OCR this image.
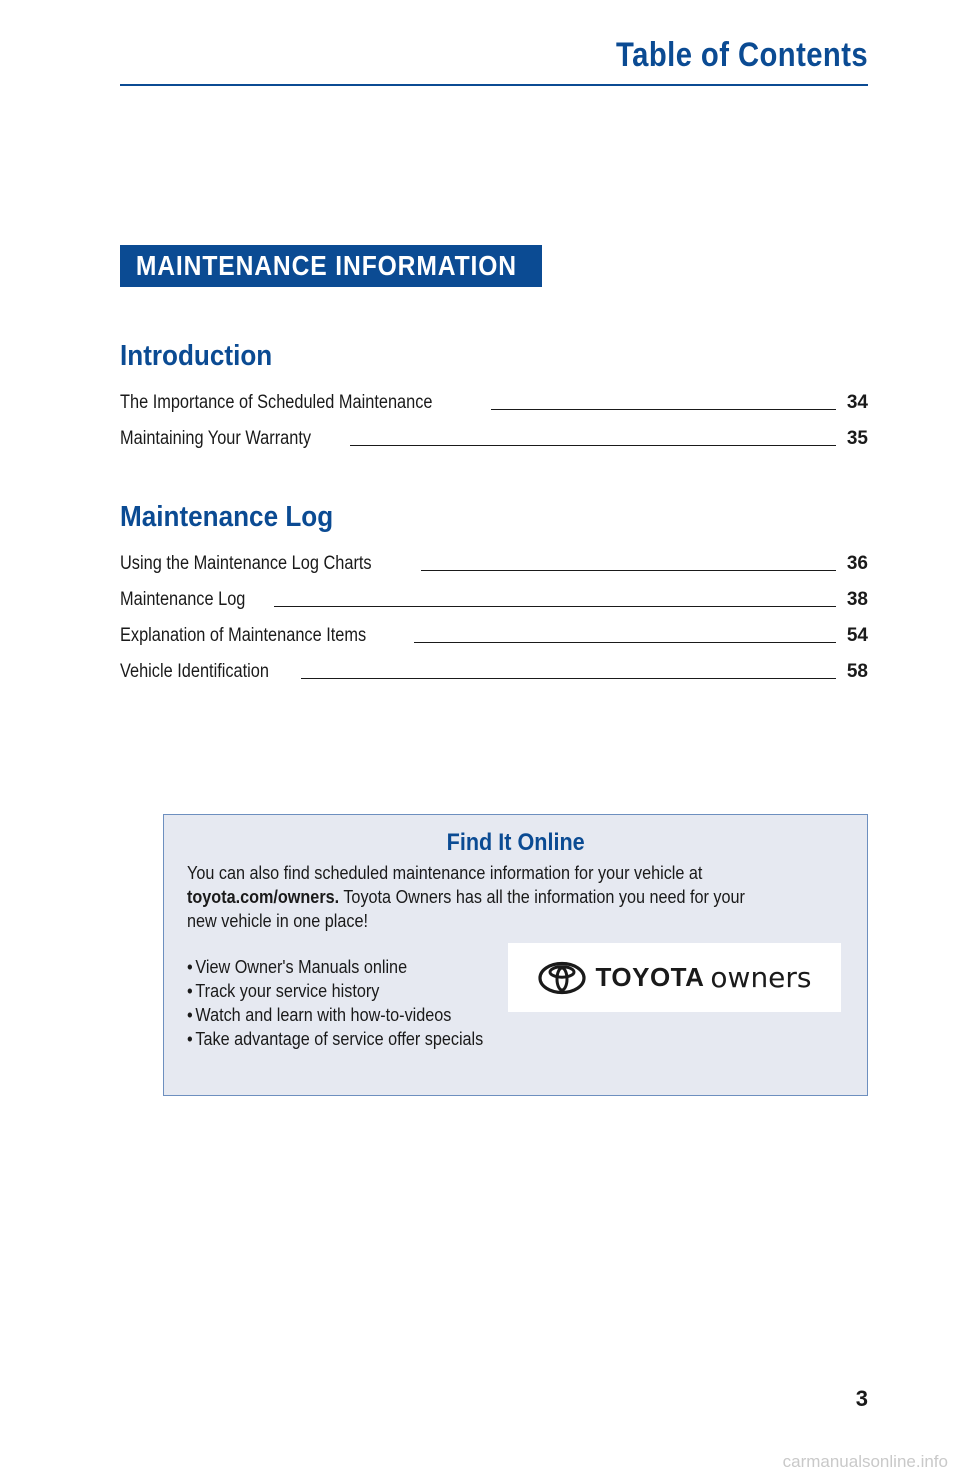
Table of Contents
MAINTENANCE INFORMATION
Introduction
The Importance of Scheduled Maintenance	34
Maintaining Your Warranty	35
Maintenance Log
Using the Maintenance Log Charts	36
Maintenance Log	38
Explanation of Maintenance Items	54
Vehicle Identification	58
Find It Online

You can also find scheduled maintenance information for your vehicle at

toyota.com/owners. Toyota Owners has all the information you need for your

new vehicle in one place!

• View Owner's Manuals online
• Track your service history
• Watch and learn with how-to-videos
• Take advantage of service offer specials
TOYOTA owners
3
carmanualsonline.info
